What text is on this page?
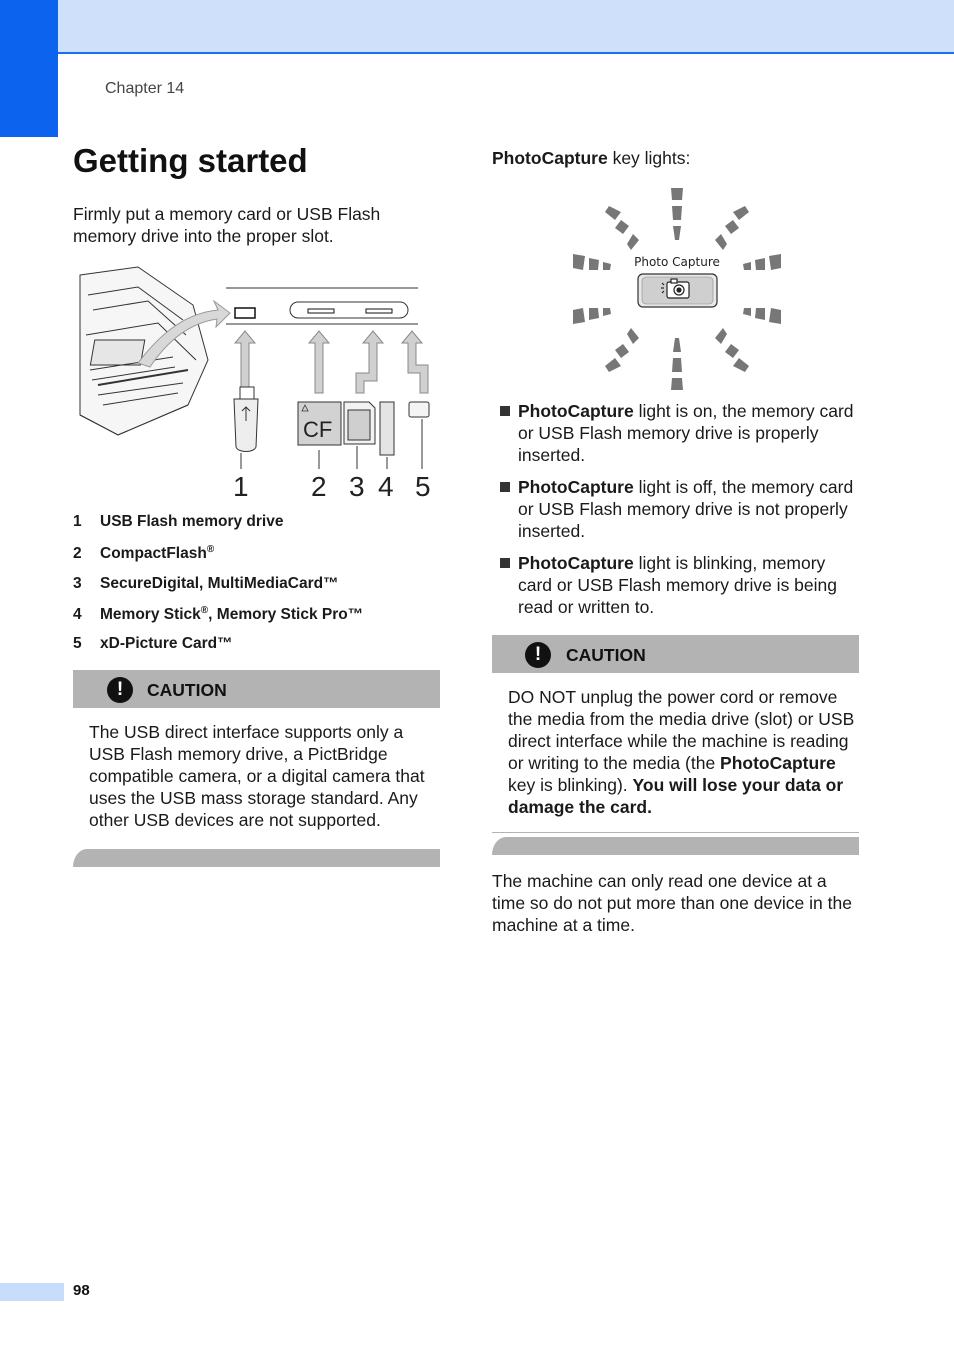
Chapter 14
Getting started

Firmly put a memory card or USB Flash memory drive into the proper slot.

CF
1 2 3 4 5
1 USB Flash memory drive
2 CompactFlash®
3 SecureDigital, MultiMediaCard™
4 Memory Stick®, Memory Stick Pro™
5 xD-Picture Card™
!	CAUTION

The USB direct interface supports only a USB Flash memory drive, a PictBridge compatible camera, or a digital camera that uses the USB mass storage standard. Any other USB devices are not supported.

PhotoCapture key lights:

Photo Capture
PhotoCapture light is on, the memory card or USB Flash memory drive is properly inserted.
PhotoCapture light is off, the memory card or USB Flash memory drive is not properly inserted.
PhotoCapture light is blinking, memory card or USB Flash memory drive is being read or written to.
!	CAUTION

DO NOT unplug the power cord or remove the media from the media drive (slot) or USB direct interface while the machine is reading or writing to the media (the PhotoCapture key is blinking). You will lose your data or damage the card.

The machine can only read one device at a time so do not put more than one device in the machine at a time.

98
